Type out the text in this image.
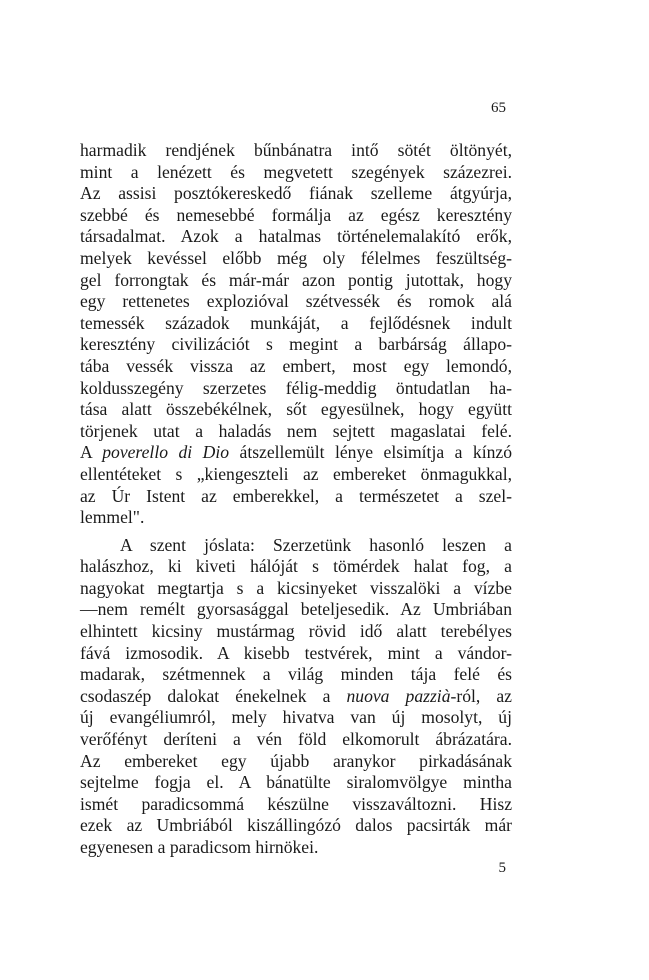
65
harmadik rendjének bűnbánatra intő sötét öltönyét,
mint a lenézett és megvetett szegények százezrei.
Az assisi posztókereskedő fiának szelleme átgyúrja,
szebbé és nemesebbé formálja az egész keresztény
társadalmat. Azok a hatalmas történelemalakító erők,
melyek kevéssel előbb még oly félelmes feszültség-
gel forrongtak és már-már azon pontig jutottak, hogy
egy rettenetes explozióval szétvessék és romok alá
temessék századok munkáját, a fejlődésnek indult
keresztény civilizációt s megint a barbárság állapo-
tába vessék vissza az embert, most egy lemondó,
koldusszegény szerzetes félig-meddig öntudatlan ha-
tása alatt összebékélnek, sőt egyesülnek, hogy együtt
törjenek utat a haladás nem sejtett magaslatai felé.
A poverello di Dio átszellemült lénye elsimítja a kínzó
ellentéteket s „kiengeszteli az embereket önmagukkal,
az Úr Istent az emberekkel, a természetet a szel-
lemmel".
A szent jóslata: Szerzetünk hasonló leszen a
halászhoz, ki kiveti hálóját s tömérdek halat fog, a
nagyokat megtartja s a kicsinyeket visszalöki a vízbe
—nem remélt gyorsasággal beteljesedik. Az Umbriában
elhintett kicsiny mustármag rövid idő alatt terebélyes
fává izmosodik. A kisebb testvérek, mint a vándor-
madarak, szétmennek a világ minden tája felé és
csodaszép dalokat énekelnek a nuova pazzià-ról, az
új evangéliumról, mely hivatva van új mosolyt, új
verőfényt deríteni a vén föld elkomorult ábrázatára.
Az embereket egy újabb aranykor pirkadásának
sejtelme fogja el. A bánatülte siralomvölgye mintha
ismét paradicsommá készülne visszaváltozni. Hisz
ezek az Umbriából kiszállingózó dalos pacsirták már
egyenesen a paradicsom hirnökei.
5
